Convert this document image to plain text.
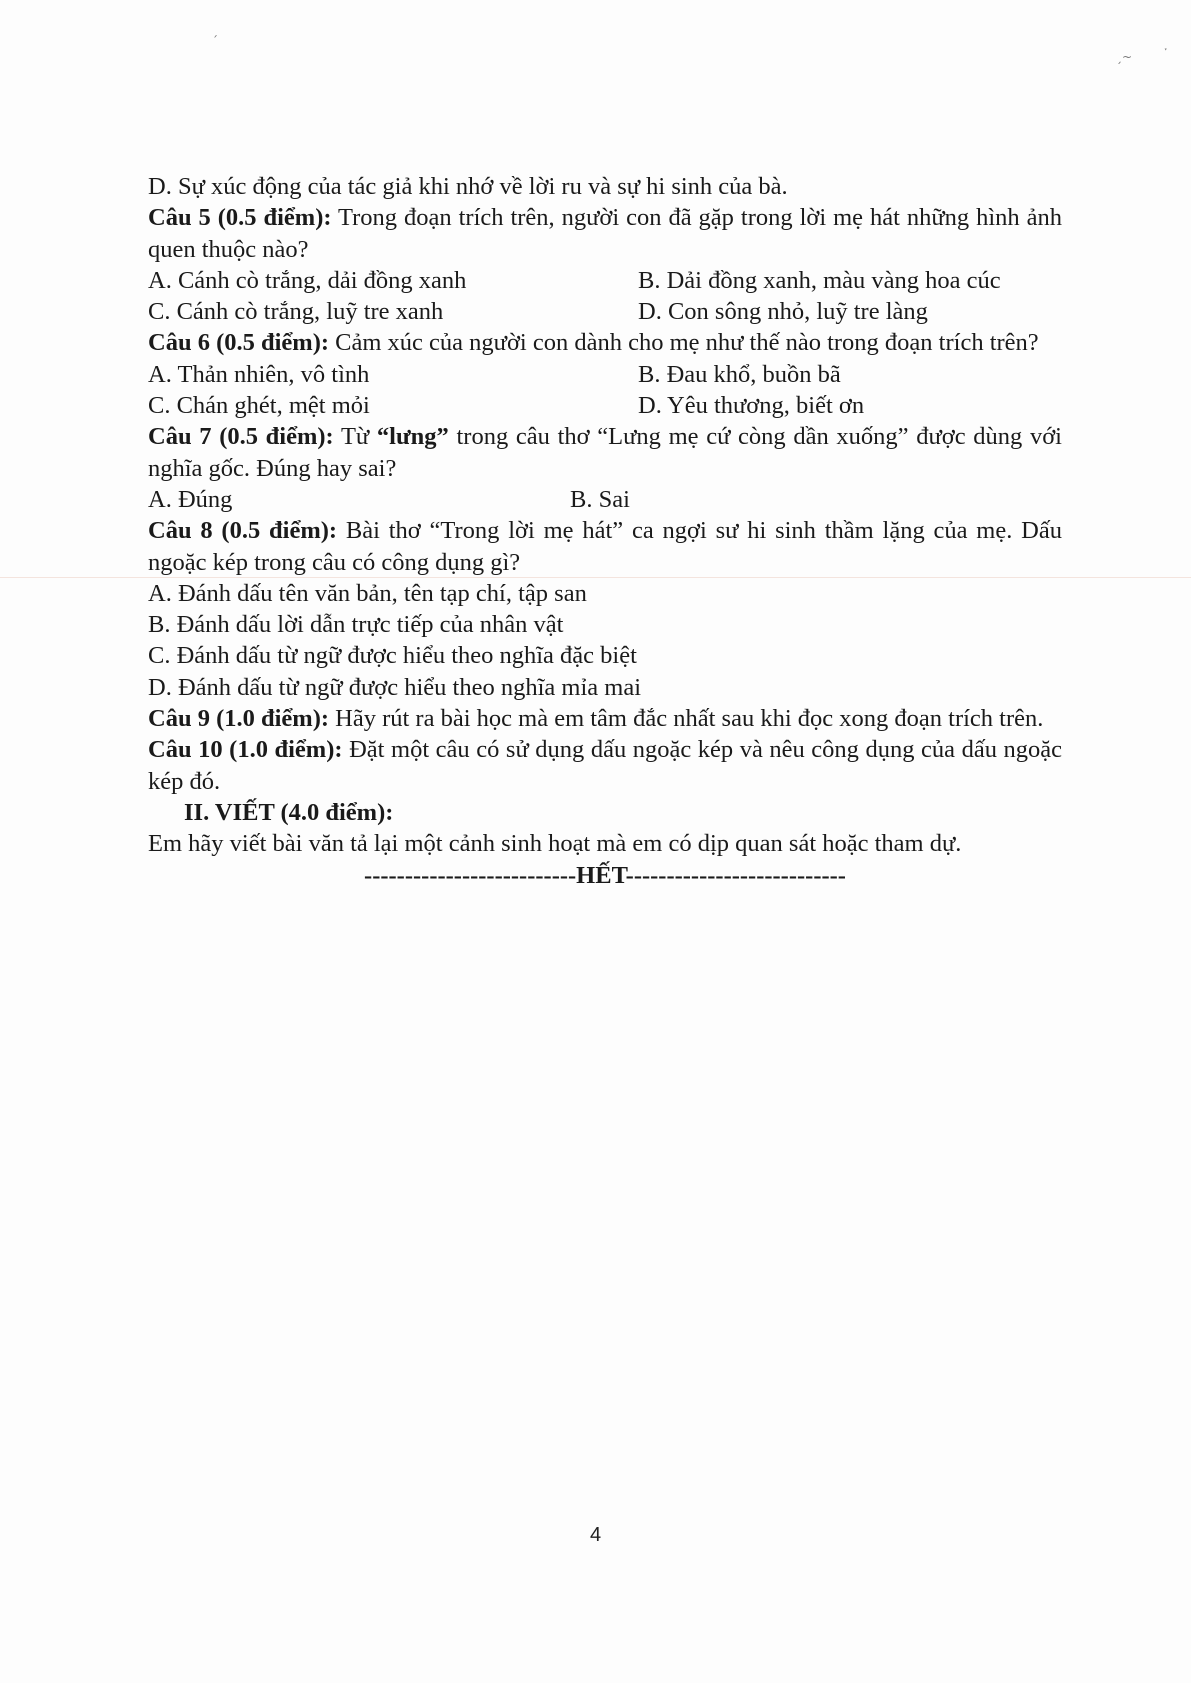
´
ˏ~	ˑ
D. Sự xúc động của tác giả khi nhớ về lời ru và sự hi sinh của bà.
Câu 5 (0.5 điểm): Trong đoạn trích trên, người con đã gặp trong lời mẹ hát những hình ảnh quen thuộc nào?
A. Cánh cò trắng, dải đồng xanh	B. Dải đồng xanh, màu vàng hoa cúc
C. Cánh cò trắng, luỹ tre xanh	D. Con sông nhỏ, luỹ tre làng
Câu 6 (0.5 điểm): Cảm xúc của người con dành cho mẹ như thế nào trong đoạn trích trên?
A. Thản nhiên, vô tình	B. Đau khổ, buồn bã
C. Chán ghét, mệt mỏi	D. Yêu thương, biết ơn
Câu 7 (0.5 điểm): Từ “lưng” trong câu thơ “Lưng mẹ cứ còng dần xuống” được dùng với nghĩa gốc. Đúng hay sai?
A. Đúng	B. Sai
Câu 8 (0.5 điểm): Bài thơ “Trong lời mẹ hát” ca ngợi sư hi sinh thầm lặng của mẹ. Dấu ngoặc kép trong câu có công dụng gì?
A. Đánh dấu tên văn bản, tên tạp chí, tập san
B. Đánh dấu lời dẫn trực tiếp của nhân vật
C. Đánh dấu từ ngữ được hiểu theo nghĩa đặc biệt
D. Đánh dấu từ ngữ được hiểu theo nghĩa mỉa mai
Câu 9 (1.0 điểm): Hãy rút ra bài học mà em tâm đắc nhất sau khi đọc xong đoạn trích trên.
Câu 10 (1.0 điểm): Đặt một câu có sử dụng dấu ngoặc kép và nêu công dụng của dấu ngoặc kép đó.
II. VIẾT (4.0 điểm):
Em hãy viết bài văn tả lại một cảnh sinh hoạt mà em có dịp quan sát hoặc tham dự.
--------------------------HẾT---------------------------
4
